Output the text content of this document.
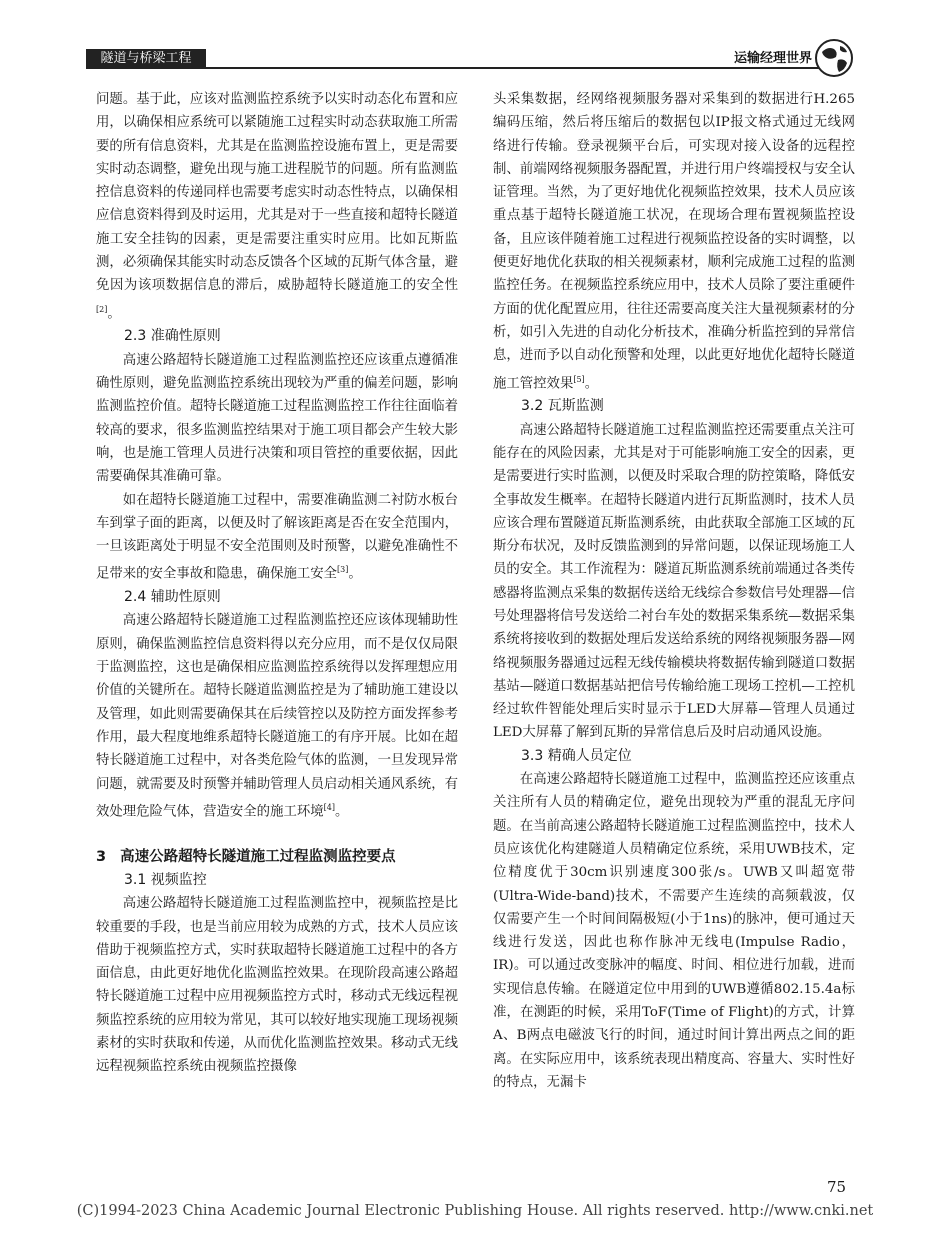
隧道与桥梁工程	运输经理世界

问题。基于此，应该对监测监控系统予以实时动态化布置和应用，以确保相应系统可以紧随施工过程实时动态获取施工所需要的所有信息资料，尤其是在监测监控设施布置上，更是需要实时动态调整，避免出现与施工进程脱节的问题。所有监测监控信息资料的传递同样也需要考虑实时动态性特点，以确保相应信息资料得到及时运用，尤其是对于一些直接和超特长隧道施工安全挂钩的因素，更是需要注重实时应用。比如瓦斯监测，必须确保其能实时动态反馈各个区域的瓦斯气体含量，避免因为该项数据信息的滞后，威胁超特长隧道施工的安全性[2]。

2.3 准确性原则

高速公路超特长隧道施工过程监测监控还应该重点遵循准确性原则，避免监测监控系统出现较为严重的偏差问题，影响监测监控价值。超特长隧道施工过程监测监控工作往往面临着较高的要求，很多监测监控结果对于施工项目都会产生较大影响，也是施工管理人员进行决策和项目管控的重要依据，因此需要确保其准确可靠。

如在超特长隧道施工过程中，需要准确监测二衬防水板台车到掌子面的距离，以便及时了解该距离是否在安全范围内，一旦该距离处于明显不安全范围则及时预警，以避免准确性不足带来的安全事故和隐患，确保施工安全[3]。

2.4 辅助性原则

高速公路超特长隧道施工过程监测监控还应该体现辅助性原则，确保监测监控信息资料得以充分应用，而不是仅仅局限于监测监控，这也是确保相应监测监控系统得以发挥理想应用价值的关键所在。超特长隧道监测监控是为了辅助施工建设以及管理，如此则需要确保其在后续管控以及防控方面发挥参考作用，最大程度地维系超特长隧道施工的有序开展。比如在超特长隧道施工过程中，对各类危险气体的监测，一旦发现异常问题，就需要及时预警并辅助管理人员启动相关通风系统，有效处理危险气体，营造安全的施工环境[4]。

3 高速公路超特长隧道施工过程监测监控要点
3.1 视频监控

高速公路超特长隧道施工过程监测监控中，视频监控是比较重要的手段，也是当前应用较为成熟的方式，技术人员应该借助于视频监控方式，实时获取超特长隧道施工过程中的各方面信息，由此更好地优化监测监控效果。在现阶段高速公路超特长隧道施工过程中应用视频监控方式时，移动式无线远程视频监控系统的应用较为常见，其可以较好地实现施工现场视频素材的实时获取和传递，从而优化监测监控效果。移动式无线远程视频监控系统由视频监控摄像

头采集数据，经网络视频服务器对采集到的数据进行H.265编码压缩，然后将压缩后的数据包以IP报文格式通过无线网络进行传输。登录视频平台后，可实现对接入设备的远程控制、前端网络视频服务器配置，并进行用户终端授权与安全认证管理。当然，为了更好地优化视频监控效果，技术人员应该重点基于超特长隧道施工状况，在现场合理布置视频监控设备，且应该伴随着施工过程进行视频监控设备的实时调整，以便更好地优化获取的相关视频素材，顺利完成施工过程的监测监控任务。在视频监控系统应用中，技术人员除了要注重硬件方面的优化配置应用，往往还需要高度关注大量视频素材的分析，如引入先进的自动化分析技术，准确分析监控到的异常信息，进而予以自动化预警和处理，以此更好地优化超特长隧道施工管控效果[5]。

3.2 瓦斯监测

高速公路超特长隧道施工过程监测监控还需要重点关注可能存在的风险因素，尤其是对于可能影响施工安全的因素，更是需要进行实时监测，以便及时采取合理的防控策略，降低安全事故发生概率。在超特长隧道内进行瓦斯监测时，技术人员应该合理布置隧道瓦斯监测系统，由此获取全部施工区域的瓦斯分布状况，及时反馈监测到的异常问题，以保证现场施工人员的安全。其工作流程为：隧道瓦斯监测系统前端通过各类传感器将监测点采集的数据传送给无线综合参数信号处理器—信号处理器将信号发送给二衬台车处的数据采集系统—数据采集系统将接收到的数据处理后发送给系统的网络视频服务器—网络视频服务器通过远程无线传输模块将数据传输到隧道口数据基站—隧道口数据基站把信号传输给施工现场工控机—工控机经过软件智能处理后实时显示于LED大屏幕—管理人员通过LED大屏幕了解到瓦斯的异常信息后及时启动通风设施。

3.3 精确人员定位

在高速公路超特长隧道施工过程中，监测监控还应该重点关注所有人员的精确定位，避免出现较为严重的混乱无序问题。在当前高速公路超特长隧道施工过程监测监控中，技术人员应该优化构建隧道人员精确定位系统，采用UWB技术，定位精度优于30cm识别速度300张/s。UWB又叫超宽带(Ultra-Wide-band)技术，不需要产生连续的高频载波，仅仅需要产生一个时间间隔极短(小于1ns)的脉冲，便可通过天线进行发送，因此也称作脉冲无线电(Impulse Radio，IR)。可以通过改变脉冲的幅度、时间、相位进行加载，进而实现信息传输。在隧道定位中用到的UWB遵循802.15.4a标准，在测距的时候，采用ToF(Time of Flight)的方式，计算A、B两点电磁波飞行的时间，通过时间计算出两点之间的距离。在实际应用中，该系统表现出精度高、容量大、实时性好的特点，无漏卡

75
(C)1994-2023 China Academic Journal Electronic Publishing House. All rights reserved. http://www.cnki.net
